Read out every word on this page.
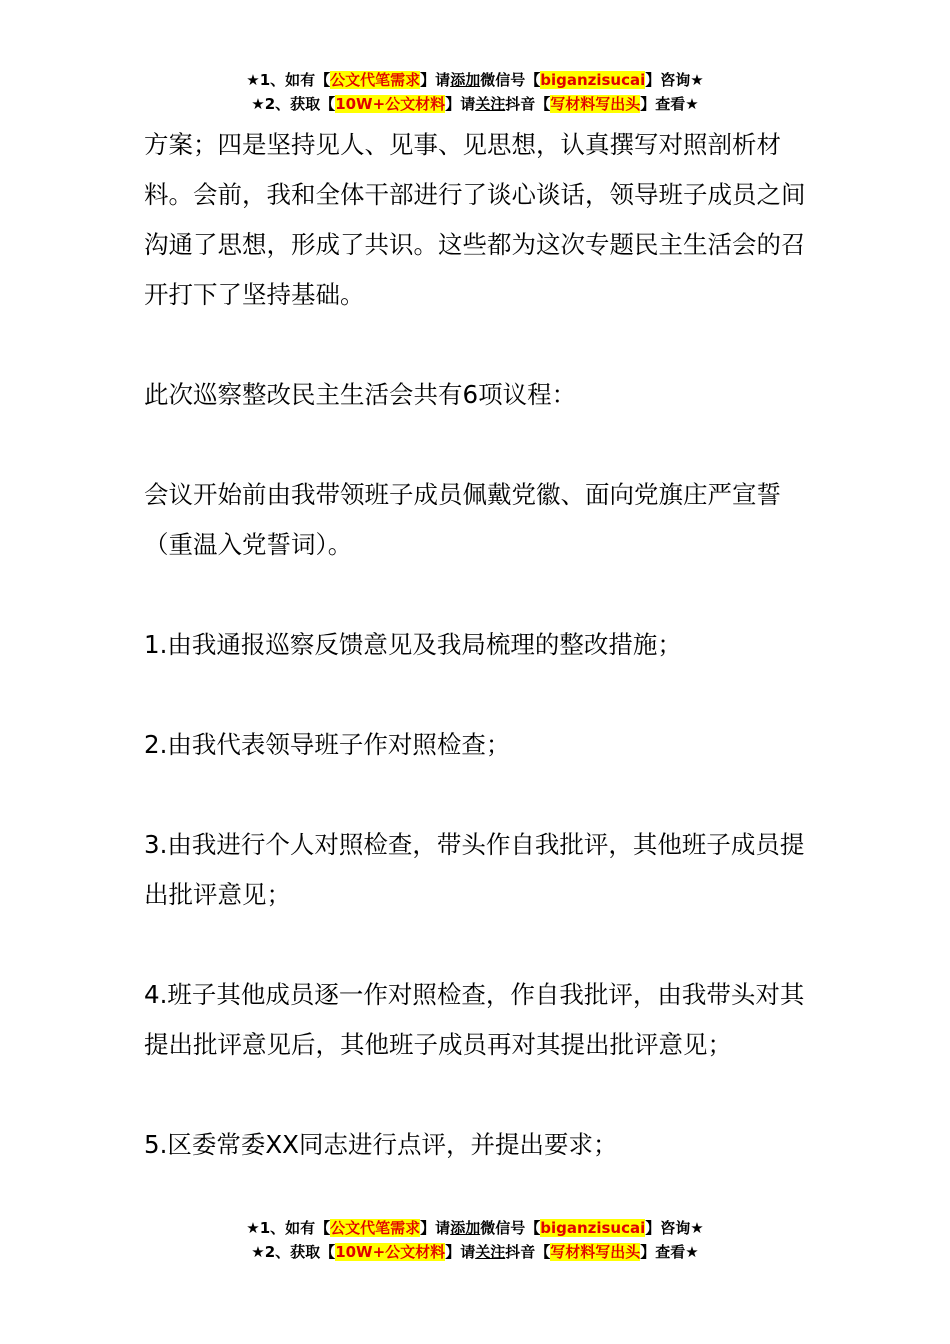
★1、如有【公文代笔需求】请添加微信号【biganzisucai】咨询★
★2、获取【10W+公文材料】请关注抖音【写材料写出头】查看★

方案；四是坚持见人、见事、见思想，认真撰写对照剖析材料。会前，我和全体干部进行了谈心谈话，领导班子成员之间沟通了思想，形成了共识。这些都为这次专题民主生活会的召开打下了坚持基础。

此次巡察整改民主生活会共有6项议程：

会议开始前由我带领班子成员佩戴党徽、面向党旗庄严宣誓（重温入党誓词）。

1.由我通报巡察反馈意见及我局梳理的整改措施；

2.由我代表领导班子作对照检查；

3.由我进行个人对照检查，带头作自我批评，其他班子成员提出批评意见；

4.班子其他成员逐一作对照检查，作自我批评，由我带头对其提出批评意见后，其他班子成员再对其提出批评意见；

5.区委常委XX同志进行点评，并提出要求；

★1、如有【公文代笔需求】请添加微信号【biganzisucai】咨询★
★2、获取【10W+公文材料】请关注抖音【写材料写出头】查看★
